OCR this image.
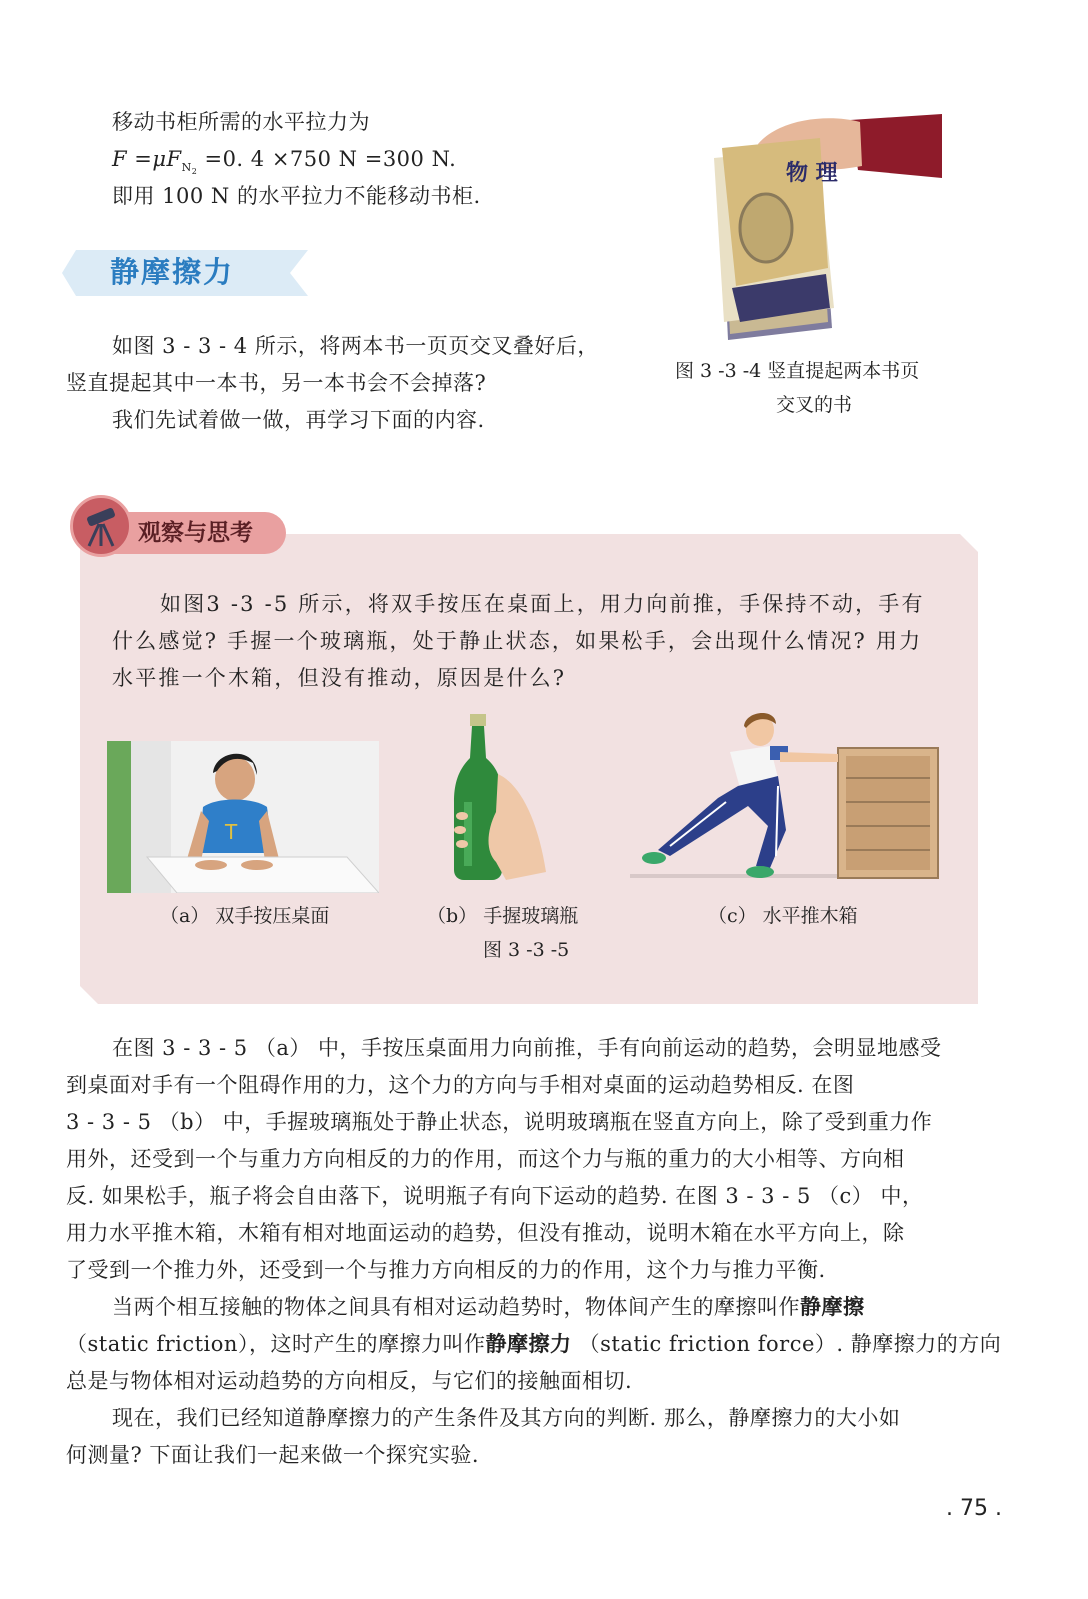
移动书柜所需的水平拉力为
$F =\mu F_{N_2} =0$. 4 ×750 N =300 N.
即用 100 N 的水平拉力不能移动书柜.
静摩擦力
如图 3 - 3 - 4 所示，将两本书一页页交叉叠好后，
竖直提起其中一本书，另一本书会不会掉落?
我们先试着做一做，再学习下面的内容.
物 理
图 3 -3 -4 竖直提起两本书页
交叉的书
观察与思考
如图3 -3 -5 所示，将双手按压在桌面上，用力向前推，手保持不动，手有
什么感觉? 手握一个玻璃瓶，处于静止状态，如果松手，会出现什么情况? 用力
水平推一个木箱，但没有推动，原因是什么?
T
（a） 双手按压桌面	（b） 手握玻璃瓶	（c） 水平推木箱
图 3 -3 -5
在图 3 - 3 - 5 （a） 中，手按压桌面用力向前推，手有向前运动的趋势，会明显地感受
到桌面对手有一个阻碍作用的力，这个力的方向与手相对桌面的运动趋势相反. 在图
3 - 3 - 5 （b） 中，手握玻璃瓶处于静止状态，说明玻璃瓶在竖直方向上，除了受到重力作
用外，还受到一个与重力方向相反的力的作用，而这个力与瓶的重力的大小相等、方向相
反. 如果松手，瓶子将会自由落下，说明瓶子有向下运动的趋势. 在图 3 - 3 - 5 （c） 中，
用力水平推木箱，木箱有相对地面运动的趋势，但没有推动，说明木箱在水平方向上，除
了受到一个推力外，还受到一个与推力方向相反的力的作用，这个力与推力平衡.
当两个相互接触的物体之间具有相对运动趋势时，物体间产生的摩擦叫作静摩擦
（static friction），这时产生的摩擦力叫作静摩擦力 （static friction force）. 静摩擦力的方向
总是与物体相对运动趋势的方向相反，与它们的接触面相切.
现在，我们已经知道静摩擦力的产生条件及其方向的判断. 那么，静摩擦力的大小如
何测量? 下面让我们一起来做一个探究实验.
. 75 .
